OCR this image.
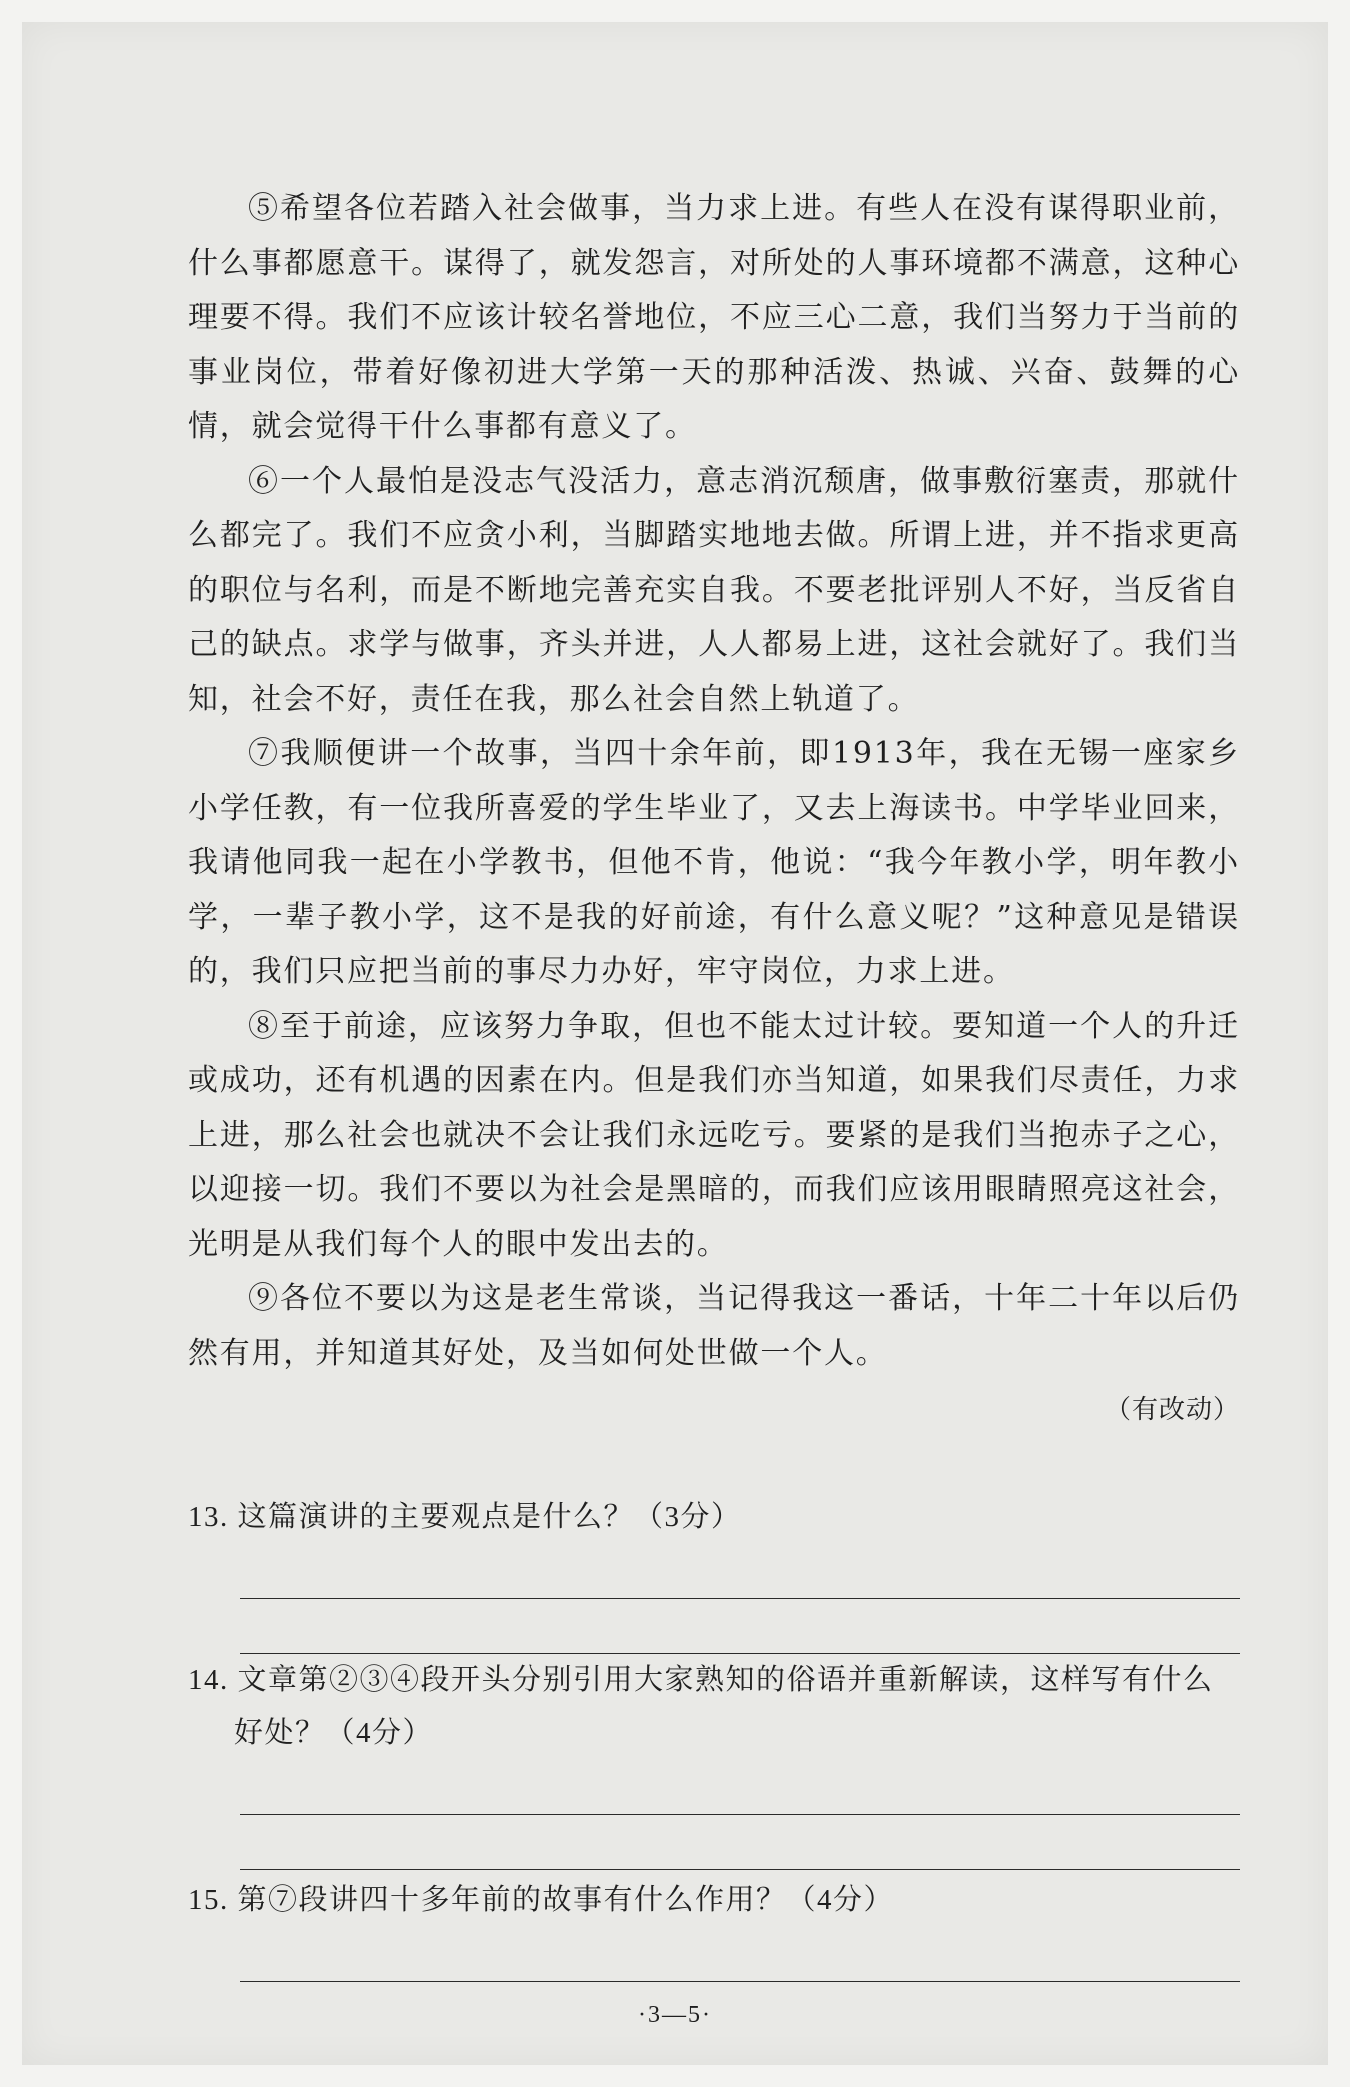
⑤希望各位若踏入社会做事，当力求上进。有些人在没有谋得职业前，什么事都愿意干。谋得了，就发怨言，对所处的人事环境都不满意，这种心理要不得。我们不应该计较名誉地位，不应三心二意，我们当努力于当前的事业岗位，带着好像初进大学第一天的那种活泼、热诚、兴奋、鼓舞的心情，就会觉得干什么事都有意义了。

⑥一个人最怕是没志气没活力，意志消沉颓唐，做事敷衍塞责，那就什么都完了。我们不应贪小利，当脚踏实地地去做。所谓上进，并不指求更高的职位与名利，而是不断地完善充实自我。不要老批评别人不好，当反省自己的缺点。求学与做事，齐头并进，人人都易上进，这社会就好了。我们当知，社会不好，责任在我，那么社会自然上轨道了。

⑦我顺便讲一个故事，当四十余年前，即1913年，我在无锡一座家乡小学任教，有一位我所喜爱的学生毕业了，又去上海读书。中学毕业回来，我请他同我一起在小学教书，但他不肯，他说：“我今年教小学，明年教小学，一辈子教小学，这不是我的好前途，有什么意义呢？”这种意见是错误的，我们只应把当前的事尽力办好，牢守岗位，力求上进。

⑧至于前途，应该努力争取，但也不能太过计较。要知道一个人的升迁或成功，还有机遇的因素在内。但是我们亦当知道，如果我们尽责任，力求上进，那么社会也就决不会让我们永远吃亏。要紧的是我们当抱赤子之心，以迎接一切。我们不要以为社会是黑暗的，而我们应该用眼睛照亮这社会，光明是从我们每个人的眼中发出去的。

⑨各位不要以为这是老生常谈，当记得我这一番话，十年二十年以后仍然有用，并知道其好处，及当如何处世做一个人。

（有改动）
13. 这篇演讲的主要观点是什么？（3分）
14. 文章第②③④段开头分别引用大家熟知的俗语并重新解读，这样写有什么好处？（4分）
15. 第⑦段讲四十多年前的故事有什么作用？（4分）
·3—5·
